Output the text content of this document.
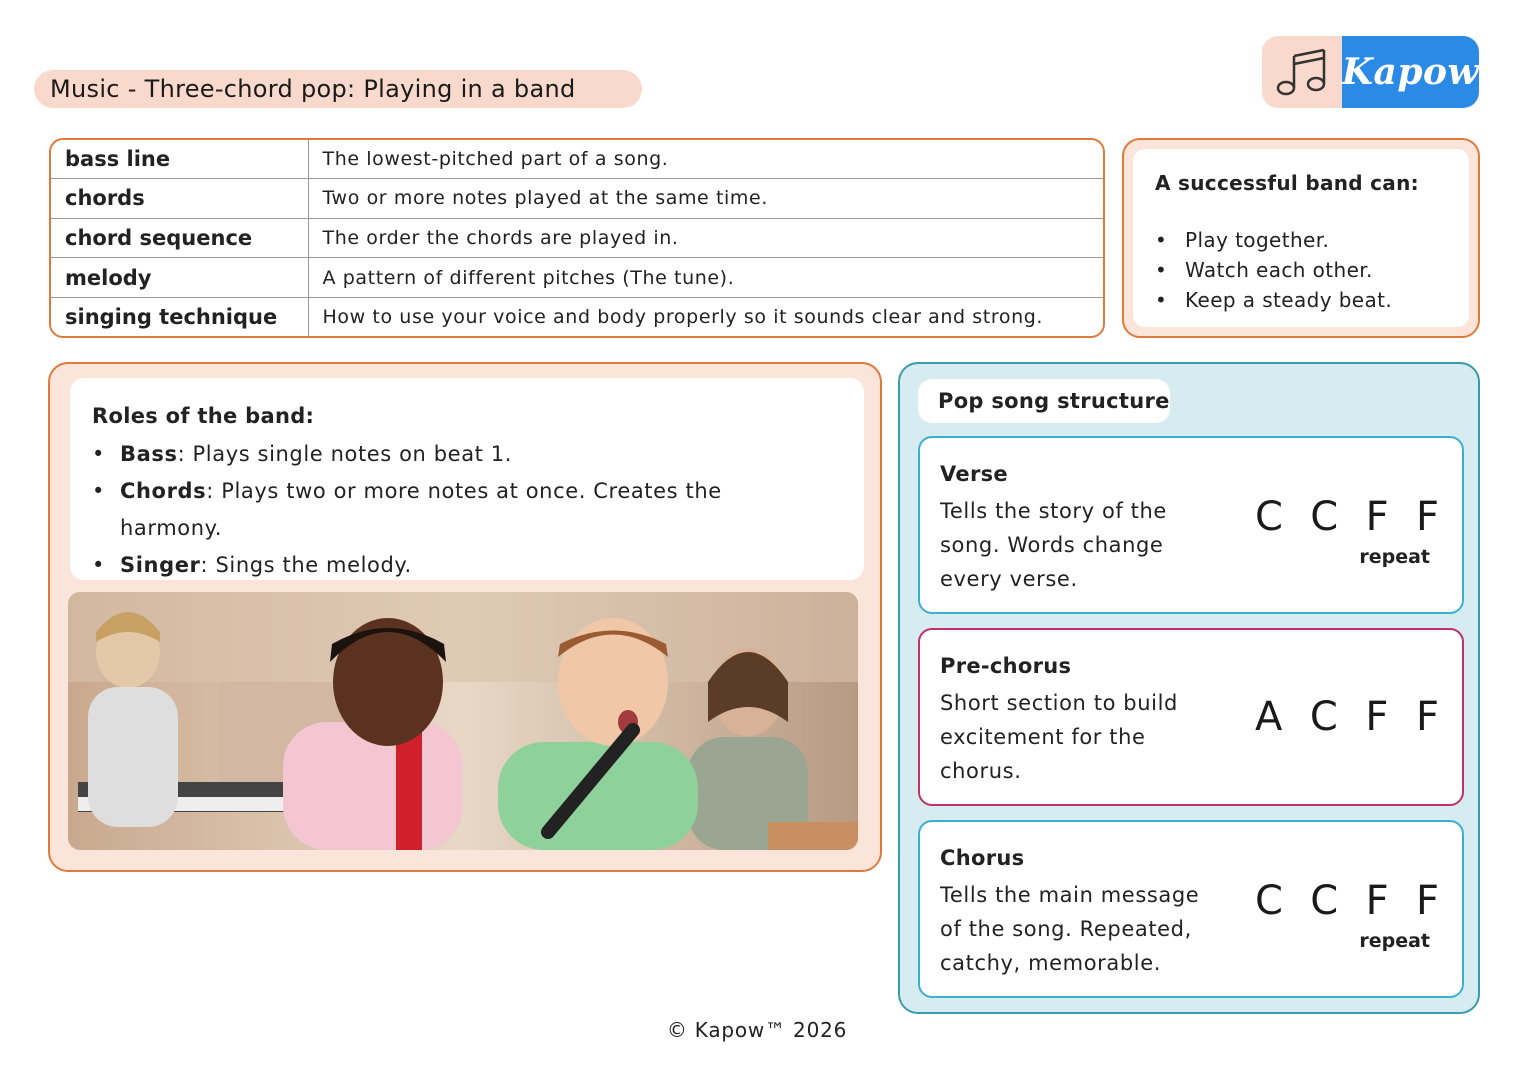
Music - Three-chord pop: Playing in a band	Kapow
bass line	The lowest-pitched part of a song.
chords	Two or more notes played at the same time.
chord sequence	The order the chords are played in.
melody	A pattern of different pitches (The tune).
singing technique	How to use your voice and body properly so it sounds clear and strong.
A successful band can:
• Play together.
• Watch each other.
• Keep a steady beat.
Roles of the band:
• Bass: Plays single notes on beat 1.
• Chords: Plays two or more notes at once. Creates the harmony.
• Singer: Sings the melody.
Pop song structure
Verse
Tells the story of the song. Words change every verse.
C C F F
repeat
Pre-chorus
Short section to build excitement for the chorus.
A C F F
Chorus
Tells the main message of the song. Repeated, catchy, memorable.
C C F F
repeat
© Kapow™ 2026
